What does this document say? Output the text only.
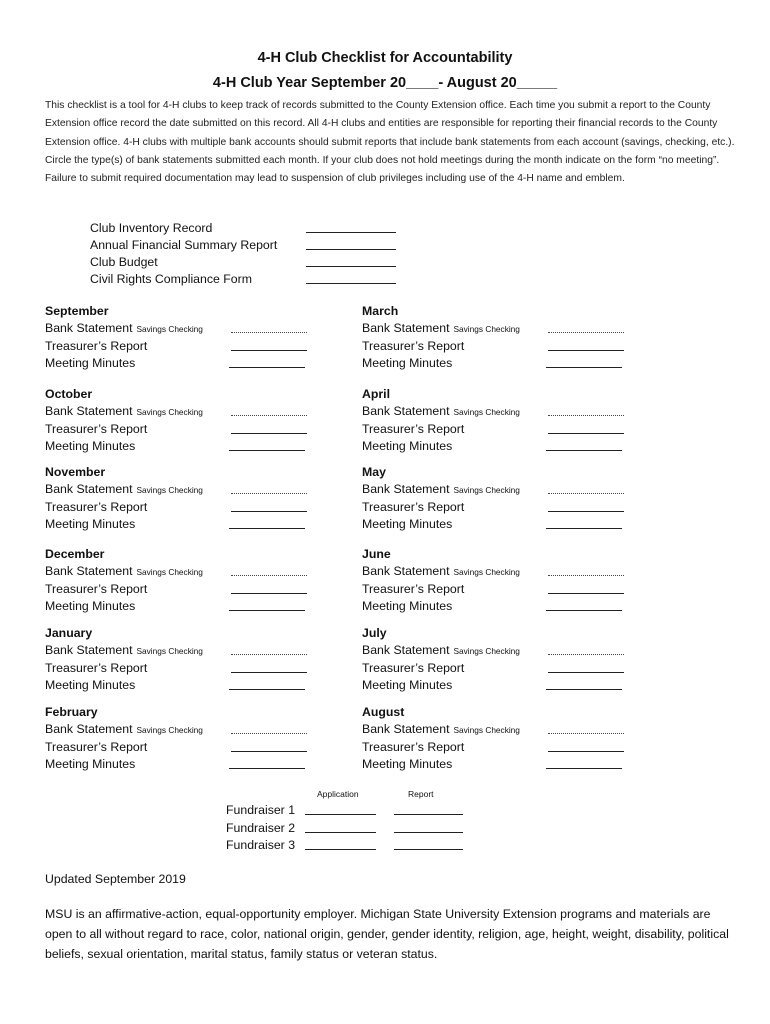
4-H Club Checklist for Accountability
4-H Club Year September 20____- August 20_____

This checklist is a tool for 4-H clubs to keep track of records submitted to the County Extension office. Each time you submit a report to the County Extension office record the date submitted on this record. All 4-H clubs and entities are responsible for reporting their financial records to the County Extension office. 4-H clubs with multiple bank accounts should submit reports that include bank statements from each account (savings, checking, etc.). Circle the type(s) of bank statements submitted each month. If your club does not hold meetings during the month indicate on the form “no meeting”. Failure to submit required documentation may lead to suspension of club privileges including use of the 4-H name and emblem.

Club Inventory Record
Annual Financial Summary Report
Club Budget
Civil Rights Compliance Form
September
Bank Statement Savings Checking
Treasurer’s Report
Meeting Minutes
October
Bank Statement Savings Checking
Treasurer’s Report
Meeting Minutes
November
Bank Statement Savings Checking
Treasurer’s Report
Meeting Minutes
December
Bank Statement Savings Checking
Treasurer’s Report
Meeting Minutes
January
Bank Statement Savings Checking
Treasurer’s Report
Meeting Minutes
February
Bank Statement Savings Checking
Treasurer’s Report
Meeting Minutes
March
Bank Statement Savings Checking
Treasurer’s Report
Meeting Minutes
April
Bank Statement Savings Checking
Treasurer’s Report
Meeting Minutes
May
Bank Statement Savings Checking
Treasurer’s Report
Meeting Minutes
June
Bank Statement Savings Checking
Treasurer’s Report
Meeting Minutes
July
Bank Statement Savings Checking
Treasurer’s Report
Meeting Minutes
August
Bank Statement Savings Checking
Treasurer’s Report
Meeting Minutes
Application	Report
Fundraiser 1
Fundraiser 2
Fundraiser 3

Updated September 2019

MSU is an affirmative-action, equal-opportunity employer. Michigan State University Extension programs and materials are open to all without regard to race, color, national origin, gender, gender identity, religion, age, height, weight, disability, political beliefs, sexual orientation, marital status, family status or veteran status.
